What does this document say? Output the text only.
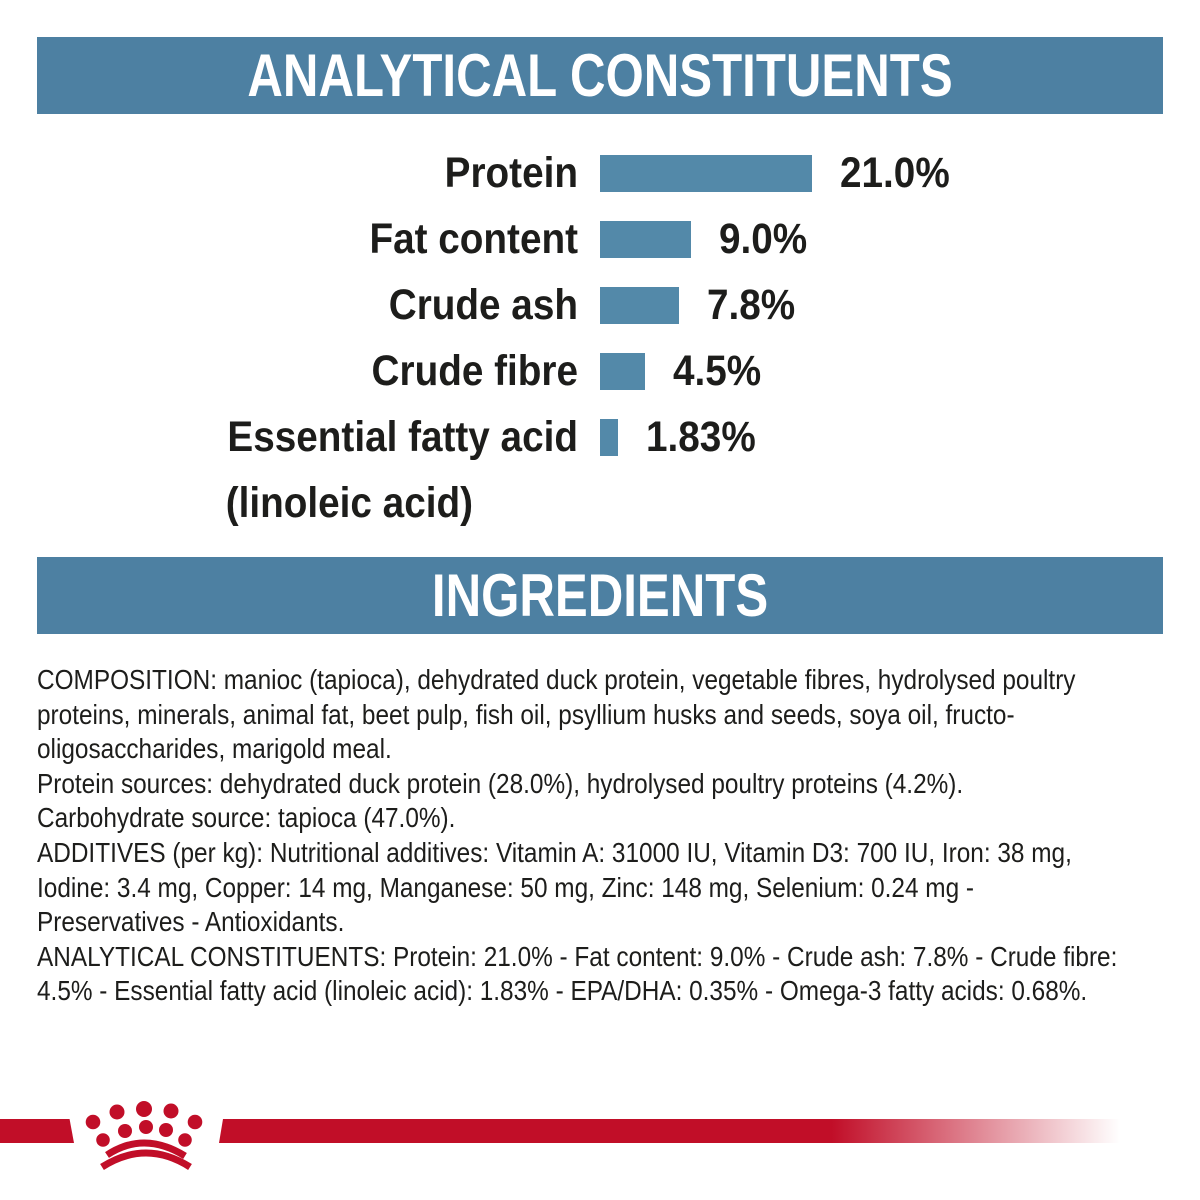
ANALYTICAL CONSTITUENTS
Protein	21.0%
Fat content	9.0%
Crude ash	7.8%
Crude fibre 4.5%
Essential fatty acid 1.83%
(linoleic acid)
INGREDIENTS
COMPOSITION: manioc (tapioca), dehydrated duck protein, vegetable fibres, hydrolysed poultry
proteins, minerals, animal fat, beet pulp, fish oil, psyllium husks and seeds, soya oil, fructo-
oligosaccharides, marigold meal.
Protein sources: dehydrated duck protein (28.0%), hydrolysed poultry proteins (4.2%).
Carbohydrate source: tapioca (47.0%).
ADDITIVES (per kg): Nutritional additives: Vitamin A: 31000 IU, Vitamin D3: 700 IU, Iron: 38 mg,
Iodine: 3.4 mg, Copper: 14 mg, Manganese: 50 mg, Zinc: 148 mg, Selenium: 0.24 mg -
Preservatives - Antioxidants.
ANALYTICAL CONSTITUENTS: Protein: 21.0% - Fat content: 9.0% - Crude ash: 7.8% - Crude fibre:
4.5% - Essential fatty acid (linoleic acid): 1.83% - EPA/DHA: 0.35% - Omega-3 fatty acids: 0.68%.
